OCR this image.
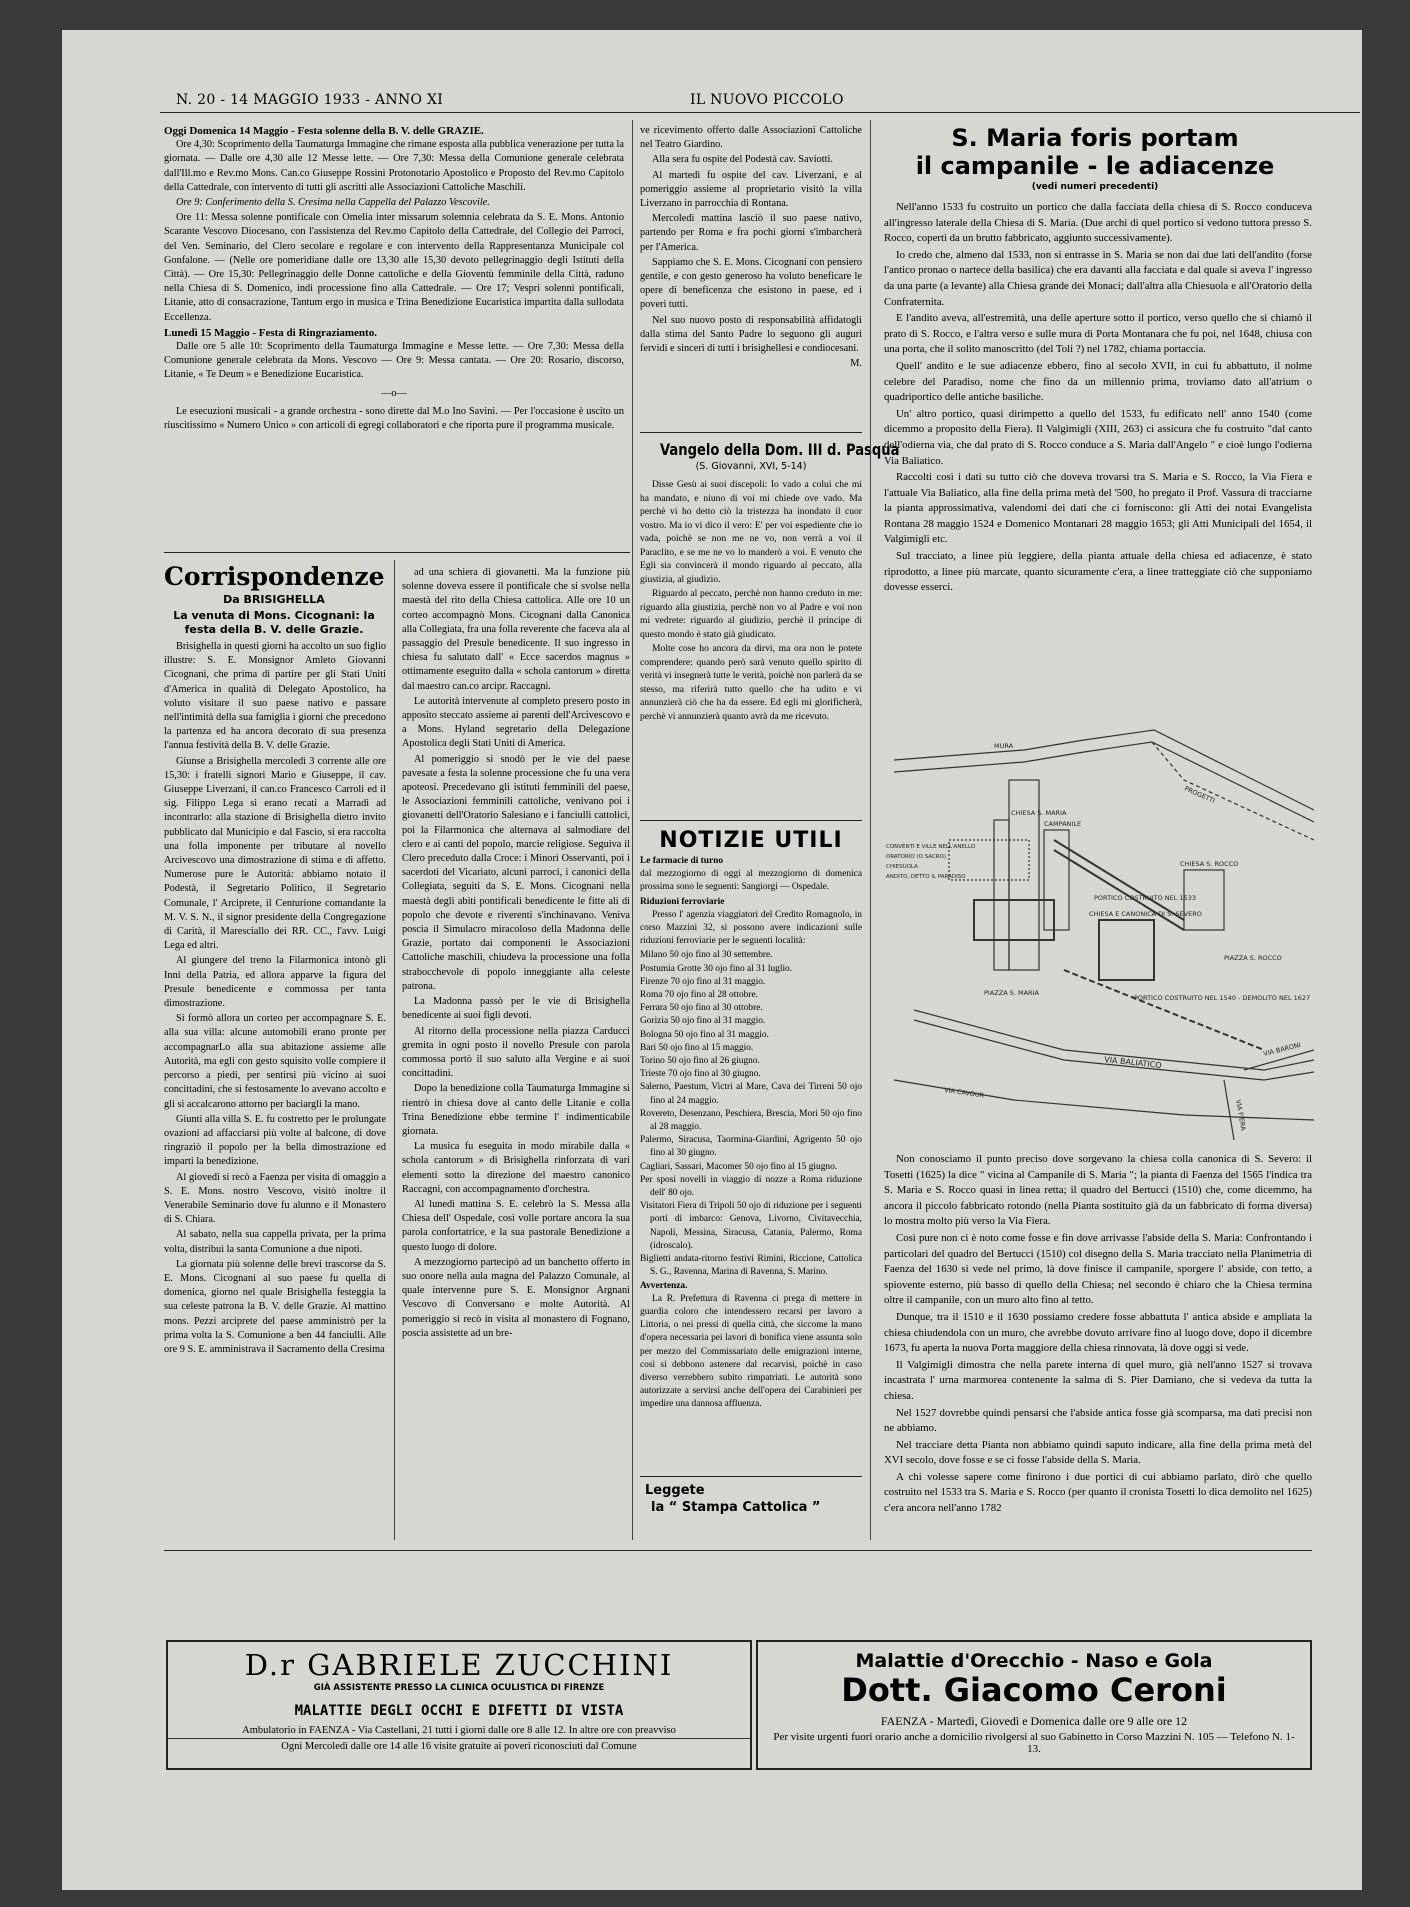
N. 20 - 14 MAGGIO 1933 - ANNO XI	IL NUOVO PICCOLO
Oggi Domenica 14 Maggio - Festa solenne della B. V. delle GRAZIE.

Ore 4,30: Scoprimento della Taumaturga Immagine che rimane esposta alla pubblica venerazione per tutta la giornata. — Dalle ore 4,30 alle 12 Messe lette. — Ore 7,30: Messa della Comunione generale celebrata dall'Ill.mo e Rev.mo Mons. Can.co Giuseppe Rossini Protonotario Apostolico e Proposto del Rev.mo Capitolo della Cattedrale, con intervento di tutti gli ascritti alle Associazioni Cattoliche Maschili.

Ore 9: Conferimento della S. Cresima nella Cappella del Palazzo Vescovile.

Ore 11: Messa solenne pontificale con Omelia inter missarum solemnia celebrata da S. E. Mons. Antonio Scarante Vescovo Diocesano, con l'assistenza del Rev.mo Capitolo della Cattedrale, del Collegio dei Parroci, del Ven. Seminario, del Clero secolare e regolare e con intervento della Rappresentanza Municipale col Gonfalone. — (Nelle ore pomeridiane dalle ore 13,30 alle 15,30 devoto pellegrinaggio degli Istituti della Città). — Ore 15,30: Pellegrinaggio delle Donne cattoliche e della Gioventù femminile della Città, raduno nella Chiesa di S. Domenico, indi processione fino alla Cattedrale. — Ore 17; Vespri solenni pontificali, Litanie, atto di consacrazione, Tantum ergo in musica e Trina Benedizione Eucaristica impartita dalla sullodata Eccellenza.

Lunedì 15 Maggio - Festa di Ringraziamento.

Dalle ore 5 alle 10: Scoprimento della Taumaturga Immagine e Messe lette. — Ore 7,30: Messa della Comunione generale celebrata da Mons. Vescovo — Ore 9: Messa cantata. — Ore 20: Rosario, discorso, Litanie, « Te Deum » e Benedizione Eucaristica.

—o—

Le esecuzioni musicali - a grande orchestra - sono dirette dal M.o Ino Savini. — Per l'occasione è uscito un riuscitissimo « Numero Unico » con articoli di egregi collaboratori e che riporta pure il programma musicale.

ve ricevimento offerto dalle Associazioni Cattoliche nel Teatro Giardino.

Alla sera fu ospite del Podestà cav. Saviotti.

Al martedì fu ospite del cav. Liverzani, e al pomeriggio assieme al proprietario visitò la villa Liverzano in parrocchia di Rontana.

Mercoledì mattina lasciò il suo paese nativo, partendo per Roma e fra pochi giorni s'imbarcherà per l'America.

Sappiamo che S. E. Mons. Cicognani con pensiero gentile, e con gesto generoso ha voluto beneficare le opere di beneficenza che esistono in paese, ed i poveri tutti.

Nel suo nuovo posto di responsabilità affidatogli dalla stima del Santo Padre lo seguono gli auguri fervidi e sinceri di tutti i brisighellesi e condiocesani.

M.
Corrispondenze
Da BRISIGHELLA
La venuta di Mons. Cicognani: la festa della B. V. delle Grazie.

Brisighella in questi giorni ha accolto un suo figlio illustre: S. E. Monsignor Amleto Giovanni Cicognani, che prima di partire per gli Stati Uniti d'America in qualità di Delegato Apostolico, ha voluto visitare il suo paese nativo e passare nell'intimità della sua famiglia i giorni che precedono la partenza ed ha ancora decorato di sua presenza l'annua festività della B. V. delle Grazie.

Giunse a Brisighella mercoledì 3 corrente alle ore 15,30: i fratelli signori Mario e Giuseppe, il cav. Giuseppe Liverzani, il can.co Francesco Carroli ed il sig. Filippo Lega si erano recati a Marradi ad incontrarlo: alla stazione di Brisighella dietro invito pubblicato dal Municipio e dal Fascio, si era raccolta una folla imponente per tributare al novello Arcivescovo una dimostrazione di stima e di affetto. Numerose pure le Autorità: abbiamo notato il Podestà, il Segretario Politico, il Segretario Comunale, l' Arciprete, il Centurione comandante la M. V. S. N., il signor presidente della Congregazione di Carità, il Maresciallo dei RR. CC., l'avv. Luigi Lega ed altri.

Al giungere del treno la Filarmonica intonò gli Inni della Patria, ed allora apparve la figura del Presule benedicente e commossa per tanta dimostrazione.

Si formò allora un corteo per accompagnare S. E. alla sua villa: alcune automobili erano pronte per accompagnarLo alla sua abitazione assieme alle Autorità, ma egli con gesto squisito volle compiere il percorso a piedi, per sentirsi più vicino ai suoi concittadini, che si festosamente lo avevano accolto e gli si accalcarono attorno per baciargli la mano.

Giunti alla villa S. E. fu costretto per le prolungate ovazioni ad affacciarsi più volte al balcone, di dove ringraziò il popolo per la bella dimostrazione ed imparti la benedizione.

Al giovedì si recò a Faenza per visita di omaggio a S. E. Mons. nostro Vescovo, visitò inoltre il Venerabile Seminario dove fu alunno e il Monastero di S. Chiara.

Al sabato, nella sua cappella privata, per la prima volta, distribuì la santa Comunione a due nipoti.

La giornata più solenne delle brevi trascorse da S. E. Mons. Cicognani al suo paese fu quella di domenica, giorno nel quale Brisighella festeggia la sua celeste patrona la B. V. delle Grazie. Al mattino mons. Pezzi arciprete del paese amministrò per la prima volta la S. Comunione a ben 44 fanciulli. Alle ore 9 S. E. amministrava il Sacramento della Cresima

ad una schiera di giovanetti. Ma la funzione più solenne doveva essere il pontificale che si svolse nella maestà del rito della Chiesa cattolica. Alle ore 10 un corteo accompagnò Mons. Cicognani dalla Canonica alla Collegiata, fra una folla reverente che faceva ala al passaggio del Presule benedicente. Il suo ingresso in chiesa fu salutato dall' « Ecce sacerdos magnus » ottimamente eseguito dalla « schola cantorum » diretta dal maestro can.co arcipr. Raccagni.

Le autorità intervenute al completo presero posto in apposito steccato assieme ai parenti dell'Arcivescovo e a Mons. Hyland segretario della Delegazione Apostolica degli Stati Uniti di America.

Al pomeriggio si snodò per le vie del paese pavesate a festa la solenne processione che fu una vera apoteosi. Precedevano gli istituti femminili del paese, le Associazioni femminili cattoliche, venivano poi i giovanetti dell'Oratorio Salesiano e i fanciulli cattolici, poi la Filarmonica che alternava al salmodiare del clero e ai canti del popolo, marcie religiose. Seguiva il Clero preceduto dalla Croce: i Minori Osservanti, poi i sacerdoti del Vicariato, alcuni parroci, i canonici della Collegiata, seguiti da S. E. Mons. Cicognani nella maestà degli abiti pontificali benedicente le fitte ali di popolo che devote e riverenti s'inchinavano. Veniva poscia il Simulacro miracoloso della Madonna delle Grazie, portato dai componenti le Associazioni Cattoliche maschili, chiudeva la processione una folla strabocchevole di popolo inneggiante alla celeste patrona.

La Madonna passò per le vie di Brisighella benedicente ai suoi figli devoti.

Al ritorno della processione nella piazza Carducci gremita in ogni posto il novello Presule con parola commossa portò il suo saluto alla Vergine e ai suoi concittadini.

Dopo la benedizione colla Taumaturga Immagine si rientrò in chiesa dove al canto delle Litanie e colla Trina Benedizione ebbe termine l' indimenticabile giornata.

La musica fu eseguita in modo mirabile dalla « schola cantorum » di Brisighella rinforzata di vari elementi sotto la direzione del maestro canonico Raccagni, con accompagnamento d'orchestra.

Al lunedì mattina S. E. celebrò la S. Messa alla Chiesa dell' Ospedale, così volle portare ancora la sua parola confortatrice, e la sua pastorale Benedizione a questo luogo di dolore.

A mezzogiorno partecipò ad un banchetto offerto in suo onore nella aula magna del Palazzo Comunale, al quale intervenne pure S. E. Monsignor Argnani Vescovo di Conversano e molte Autorità. Al pomeriggio si recò in visita al monastero di Fognano, poscia assistette ad un bre-

Vangelo della Dom. III d. Pasqua
(S. Giovanni, XVI, 5-14)

Disse Gesù ai suoi discepoli: Io vado a colui che mi ha mandato, e niuno di voi mi chiede ove vado. Ma perchè vi ho detto ciò la tristezza ha inondato il cuor vostro. Ma io vi dico il vero: E' per voi espediente che io vada, poichè se non me ne vo, non verrà a voi il Paraclito, e se me ne vo lo manderò a voi. E venuto che Egli sia convincerà il mondo riguardo al peccato, alla giustizia, al giudizio.

Riguardo al peccato, perchè non hanno creduto in me: riguardo alla giustizia, perchè non vo al Padre e voi non mi vedrete: riguardo al giudizio, perchè il principe di questo mondo è stato già giudicato.

Molte cose ho ancora da dirvi, ma ora non le potete comprendere: quando però sarà venuto quello spirito di verità vi insegnerà tutte le verità, poichè non parlerà da se stesso, ma riferirà tutto quello che ha udito e vi annunzierà ciò che ha da essere. Ed egli mi glorificherà, perchè vi annunzierà quanto avrà da me ricevuto.

NOTIZIE UTILI
Le farmacie di turno

dal mezzogiorno di oggi al mezzogiorno di domenica prossima sono le seguenti: Sangiorgi — Ospedale.

Riduzioni ferroviarie

Presso l' agenzia viaggiatori del Credito Romagnolo, in corso Mazzini 32, si possono avere indicazioni sulle riduzioni ferroviarie per le seguenti località:

Milano 50 ojo fino al 30 settembre.
Postumia Grotte 30 ojo fino al 31 luglio.
Firenze 70 ojo fino al 31 maggio.
Roma 70 ojo fino al 28 ottobre.
Ferrara 50 ojo fino al 30 ottobre.
Gorizia 50 ojo fino al 31 maggio.
Bologna 50 ojo fino al 31 maggio.
Bari 50 ojo fino al 15 maggio.
Torino 50 ojo fino al 26 giugno.
Trieste 70 ojo fino al 30 giugno.
Salerno, Paestum, Victri al Mare, Cava dei Tirreni 50 ojo fino al 24 maggio.
Rovereto, Desenzano, Peschiera, Brescia, Mori 50 ojo fino al 28 maggio.
Palermo, Siracusa, Taormina-Giardini, Agrigento 50 ojo fino al 30 giugno.
Cagliari, Sassari, Macomer 50 ojo fino al 15 giugno.
Per sposi novelli in viaggio di nozze a Roma riduzione dell' 80 ojo.
Visitatori Fiera di Tripoli 50 ojo di riduzione per i seguenti porti di imbarco: Genova, Livorno, Civitavecchia, Napoli, Messina, Siracusa, Catania, Palermo, Roma (idroscalo).
Biglietti andata-ritorno festivi Rimini, Riccione, Cattolica S. G., Ravenna, Marina di Ravenna, S. Marino.
Avvertenza.

La R. Prefettura di Ravenna ci prega di mettere in guardia coloro che intendessero recarsi per lavoro a Littoria, o nei pressi di quella città, che siccome la mano d'opera necessaria pei lavori di bonifica viene assunta solo per mezzo del Commissariato delle emigrazioni interne, così si debbono astenere dal recarvisi, poichè in caso diverso verrebbero subito rimpatriati. Le autorità sono autorizzate a servirsi anche dell'opera dei Carabinieri per impedire una dannosa affluenza.

Leggete
la “ Stampa Cattolica ”
S. Maria foris portam
il campanile - le adiacenze
(vedi numeri precedenti)

Nell'anno 1533 fu costruito un portico che dalla facciata della chiesa di S. Rocco conduceva all'ingresso laterale della Chiesa di S. Maria. (Due archi di quel portico si vedono tuttora presso S. Rocco, coperti da un brutto fabbricato, aggiunto successivamente).

Io credo che, almeno dal 1533, non si entrasse in S. Maria se non dai due lati dell'andito (forse l'antico pronao o nartece della basilica) che era davanti alla facciata e dal quale si aveva l' ingresso da una parte (a levante) alla Chiesa grande dei Monaci; dall'altra alla Chiesuola e all'Oratorio della Confraternita.

E l'andito aveva, all'estremità, una delle aperture sotto il portico, verso quello che si chiamò il prato di S. Rocco, e l'altra verso e sulle mura di Porta Montanara che fu poi, nel 1648, chiusa con una porta, che il solito manoscritto (del Toli ?) nel 1782, chiama portaccia.

Quell' andito e le sue adiacenze ebbero, fino al secolo XVII, in cui fu abbattuto, il nolme celebre del Paradiso, nome che fino da un millennio prima, troviamo dato all'atrium o quadriportico delle antiche basiliche.

Un' altro portico, quasi dirimpetto a quello del 1533, fu edificato nell' anno 1540 (come dicemmo a proposito della Fiera). Il Valgimigli (XIII, 263) ci assicura che fu costruito "dal canto dell'odierna via, che dal prato di S. Rocco conduce a S. Maria dall'Angelo " e cioè lungo l'odierna Via Baliatico.

Raccolti così i dati su tutto ciò che doveva trovarsi tra S. Maria e S. Rocco, la Via Fiera e l'attuale Via Baliatico, alla fine della prima metà del '500, ho pregato il Prof. Vassura di tracciarne la pianta approssimativa, valendomi dei dati che ci forniscono: gli Atti dei notai Evangelista Rontana 28 maggio 1524 e Domenico Montanari 28 maggio 1653; gli Atti Municipali del 1654, il Valgimigli etc.

Sul tracciato, a linee più leggiere, della pianta attuale della chiesa ed adiacenze, è stato riprodotto, a linee più marcate, quanto sicuramente c'era, a linee tratteggiate ciò che supponiamo dovesse esserci.

MURA
PROGETTI
CHIESA S. MARIA
CAMPANILE
PORTICO COSTRUITO NEL 1533
CHIESA S. ROCCO
CHIESA E CANONICA DI S. SEVERO
PORTICO COSTRUITO NEL 1540 - DEMOLITO NEL 1627
PIAZZA S. MARIA
PIAZZA S. ROCCO
VIA BALIATICO
VIA CAVOUR
VIA FIERA
VIA BARONI
CONVENTI E VILLE NELL'ANELLO
ORATORIO (O SACRO)
CHIESUOLA
ANDITO, DETTO IL PARADISO

Non conosciamo il punto preciso dove sorgevano la chiesa colla canonica di S. Severo: il Tosetti (1625) la dice " vicina al Campanile di S. Maria "; la pianta di Faenza del 1565 l'indica tra S. Maria e S. Rocco quasi in linea retta; il quadro del Bertucci (1510) che, come dicemmo, ha ancora il piccolo fabbricato rotondo (nella Pianta sostituito già da un fabbricato di forma diversa) lo mostra molto più verso la Via Fiera.

Così pure non ci è noto come fosse e fin dove arrivasse l'abside della S. Maria: Confrontando i particolari del quadro del Bertucci (1510) col disegno della S. Maria tracciato nella Planimetria di Faenza del 1630 si vede nel primo, là dove finisce il campanile, sporgere l' abside, con tetto, a spiovente esterno, più basso di quello della Chiesa; nel secondo è chiaro che la Chiesa termina oltre il campanile, con un muro alto fino al tetto.

Dunque, tra il 1510 e il 1630 possiamo credere fosse abbattuta l' antica abside e ampliata la chiesa chiudendola con un muro, che avrebbe dovuto arrivare fino al luogo dove, dopo il dicembre 1673, fu aperta la nuova Porta maggiore della chiesa rinnovata, là dove oggi si vede.

Il Valgimigli dimostra che nella parete interna di quel muro, già nell'anno 1527 si trovava incastrata l' urna marmorea contenente la salma di S. Pier Damiano, che si vedeva da tutta la chiesa.

Nel 1527 dovrebbe quindi pensarsi che l'abside antica fosse già scomparsa, ma dati precisi non ne abbiamo.

Nel tracciare detta Pianta non abbiamo quindi saputo indicare, alla fine della prima metà del XVI secolo, dove fosse e se ci fosse l'abside della S. Maria.

A chi volesse sapere come finirono i due portici di cui abbiamo parlato, dirò che quello costruito nel 1533 tra S. Maria e S. Rocco (per quanto il cronista Tosetti lo dica demolito nel 1625) c'era ancora nell'anno 1782

D.r GABRIELE ZUCCHINI
GIÀ ASSISTENTE PRESSO LA CLINICA OCULISTICA DI FIRENZE
MALATTIE DEGLI OCCHI E DIFETTI DI VISTA
Ambulatorio in FAENZA - Via Castellani, 21 tutti i giorni dalle ore 8 alle 12. In altre ore con preavviso
Ogni Mercoledì dalle ore 14 alle 16 visite gratuite ai poveri riconosciuti dal Comune
Malattie d'Orecchio - Naso e Gola
Dott. Giacomo Ceroni
FAENZA - Martedì, Giovedì e Domenica dalle ore 9 alle ore 12
Per visite urgenti fuori orario anche a domicilio rivolgersi al suo Gabinetto in Corso Mazzini N. 105 — Telefono N. 1-13.
